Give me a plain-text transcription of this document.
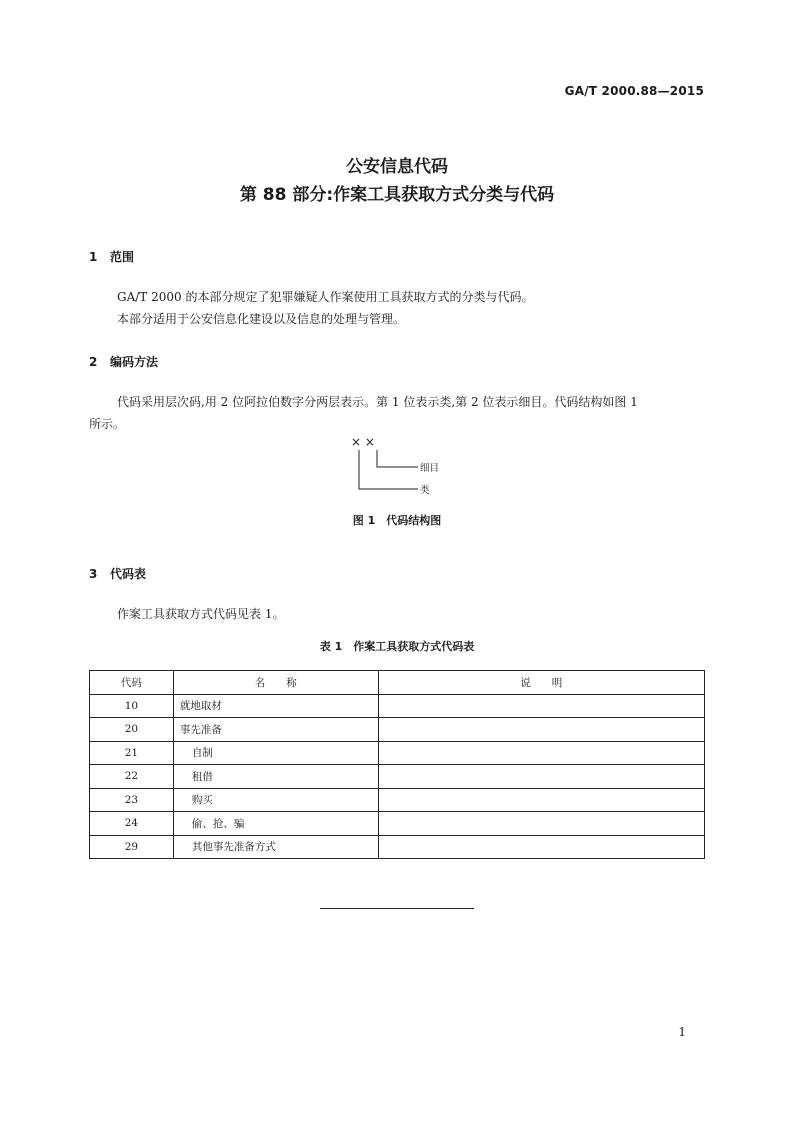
GA/T 2000.88—2015
公安信息代码
第 88 部分:作案工具获取方式分类与代码
1 范围
GA/T 2000 的本部分规定了犯罪嫌疑人作案使用工具获取方式的分类与代码。
本部分适用于公安信息化建设以及信息的处理与管理。
2 编码方法
代码采用层次码,用 2 位阿拉伯数字分两层表示。第 1 位表示类,第 2 位表示细目。代码结构如图 1
所示。
× ×
细目
类
图 1　代码结构图
3 代码表
作案工具获取方式代码见表 1。
表 1　作案工具获取方式代码表
代码	名　　称	说　　明
10	就地取材	
20	事先准备	
21	自制	
22	租借	
23	购买	
24	偷、抢、骗	
29	其他事先准备方式	
1
